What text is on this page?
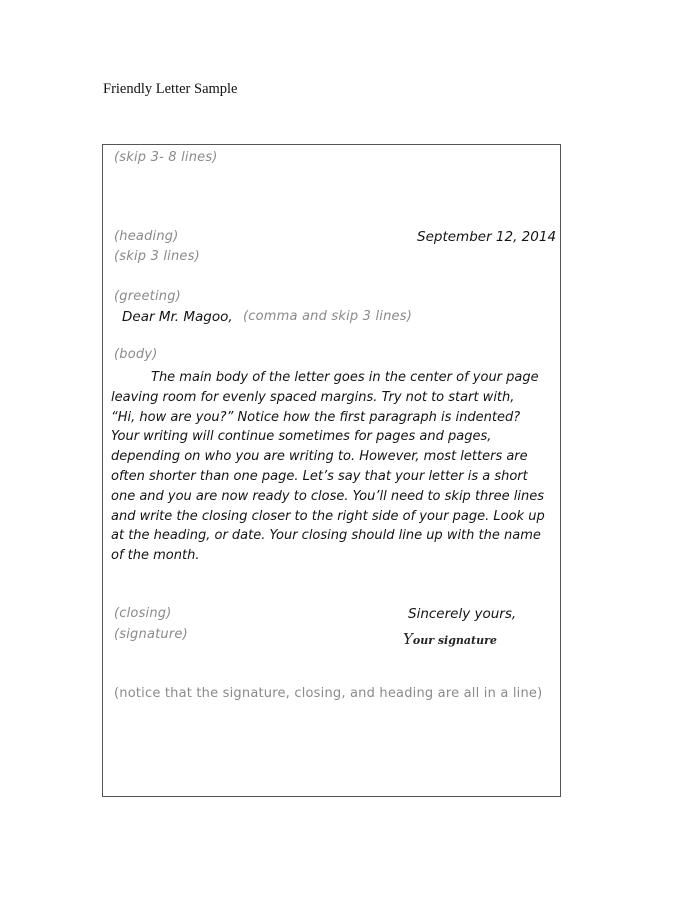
Friendly Letter Sample
(skip 3- 8 lines)
(heading)	September 12, 2014
(skip 3 lines)
(greeting)
Dear Mr. Magoo, (comma and skip 3 lines)
(body)
The main body of the letter goes in the center of your page
leaving room for evenly spaced margins. Try not to start with,
“Hi, how are you?” Notice how the first paragraph is indented?
Your writing will continue sometimes for pages and pages,
depending on who you are writing to. However, most letters are
often shorter than one page. Let’s say that your letter is a short
one and you are now ready to close. You’ll need to skip three lines
and write the closing closer to the right side of your page. Look up
at the heading, or date. Your closing should line up with the name
of the month.
(closing)	Sincerely yours,
(signature)	Your signature
(notice that the signature, closing, and heading are all in a line)
